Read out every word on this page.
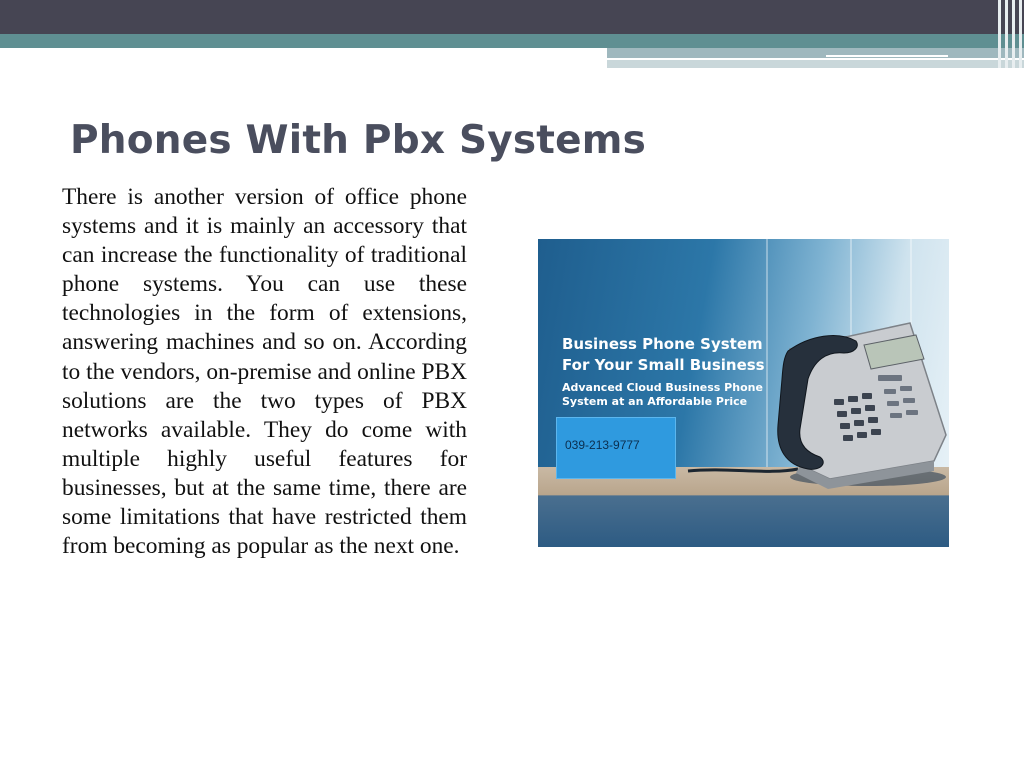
Phones With Pbx Systems
There is another version of office phone systems and it is mainly an accessory that can increase the functionality of traditional phone systems. You can use these technologies in the form of extensions, answering machines and so on. According to the vendors, on-premise and online PBX solutions are the two types of PBX networks available. They do come with multiple highly useful features for businesses, but at the same time, there are some limitations that have restricted them from becoming as popular as the next one.
Business Phone System
For Your Small Business
Advanced Cloud Business Phone
System at an Affordable Price
039-213-9777
